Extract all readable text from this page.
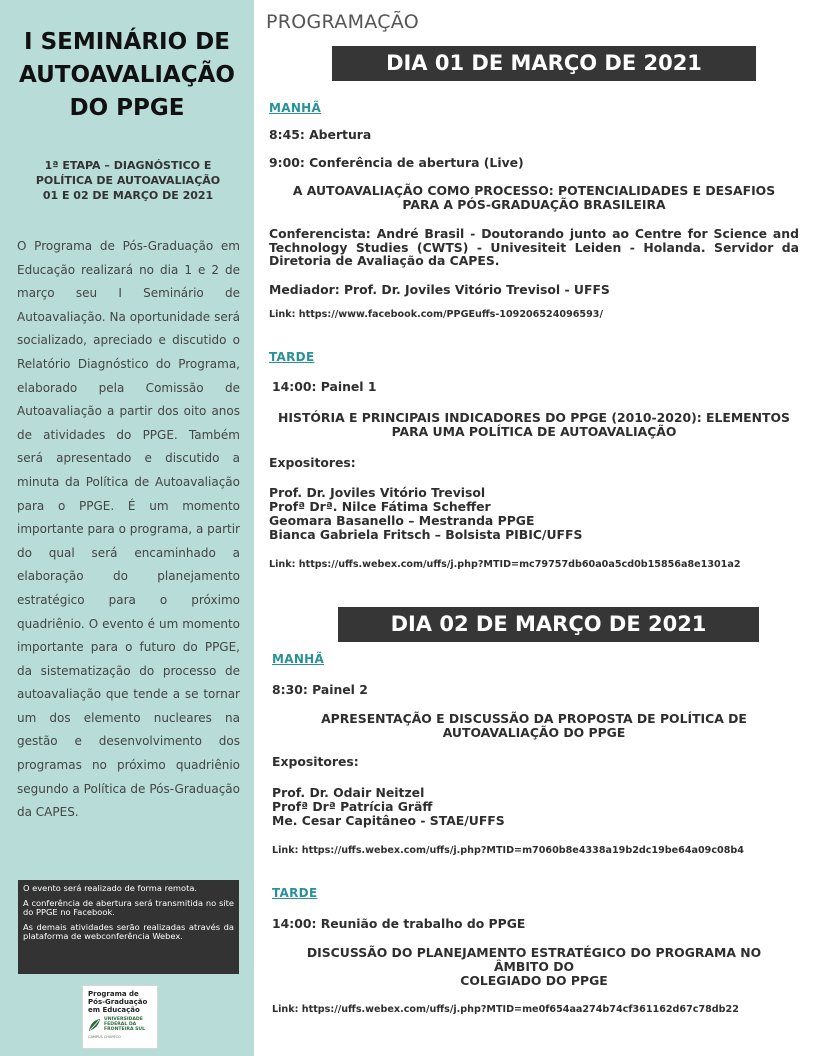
I SEMINÁRIO DE
AUTOAVALIAÇÃO
DO PPGE
1ª ETAPA – DIAGNÓSTICO E
POLÍTICA DE AUTOAVALIAÇÃO
01 E 02 DE MARÇO DE 2021

O Programa de Pós-Graduação em Educação realizará no dia 1 e 2 de março seu I Seminário de Autoavaliação. Na oportunidade será socializado, apreciado e discutido o Relatório Diagnóstico do Programa, elaborado pela Comissão de Autoavaliação a partir dos oito anos de atividades do PPGE. Também será apresentado e discutido a minuta da Política de Autoavaliação para o PPGE. É um momento importante para o programa, a partir do qual será encaminhado a elaboração do planejamento estratégico para o próximo quadriênio. O evento é um momento importante para o futuro do PPGE, da sistematização do processo de autoavaliação que tende a se tornar um dos elemento nucleares na gestão e desenvolvimento dos programas no próximo quadriênio segundo a Política de Pós-Graduação da CAPES.

O evento será realizado de forma remota.

A conferência de abertura será transmitida no site do PPGE no Facebook.

As demais atividades serão realizadas através da plataforma de webconferência Webex.

Programa de
Pós-Graduação
em Educação
UNIVERSIDADE
FEDERAL DA
FRONTEIRA SUL
CAMPUS CHAPECÓ
PROGRAMAÇÃO
DIA 01 DE MARÇO DE 2021
MANHÃ
8:45: Abertura
9:00: Conferência de abertura (Live)
A AUTOAVALIAÇÃO COMO PROCESSO: POTENCIALIDADES E DESAFIOS
PARA A PÓS-GRADUAÇÃO BRASILEIRA
Conferencista: André Brasil - Doutorando junto ao Centre for Science and Technology Studies (CWTS) - Univesiteit Leiden - Holanda. Servidor da Diretoria de Avaliação da CAPES.
Mediador: Prof. Dr. Joviles Vitório Trevisol - UFFS
Link: https://www.facebook.com/PPGEuffs-109206524096593/
TARDE
14:00: Painel 1
HISTÓRIA E PRINCIPAIS INDICADORES DO PPGE (2010-2020): ELEMENTOS
PARA UMA POLÍTICA DE AUTOAVALIAÇÃO
Expositores:
Prof. Dr. Joviles Vitório Trevisol
Profª Drª. Nilce Fátima Scheffer
Geomara Basanello – Mestranda PPGE
Bianca Gabriela Fritsch – Bolsista PIBIC/UFFS
Link: https://uffs.webex.com/uffs/j.php?MTID=mc79757db60a0a5cd0b15856a8e1301a2
DIA 02 DE MARÇO DE 2021
MANHÃ
8:30: Painel 2
APRESENTAÇÃO E DISCUSSÃO DA PROPOSTA DE POLÍTICA DE
AUTOAVALIAÇÃO DO PPGE
Expositores:
Prof. Dr. Odair Neitzel
Profª Drª Patrícia Gräff
Me. Cesar Capitâneo - STAE/UFFS
Link: https://uffs.webex.com/uffs/j.php?MTID=m7060b8e4338a19b2dc19be64a09c08b4
TARDE
14:00: Reunião de trabalho do PPGE
DISCUSSÃO DO PLANEJAMENTO ESTRATÉGICO DO PROGRAMA NO
ÂMBITO DO
COLEGIADO DO PPGE
Link: https://uffs.webex.com/uffs/j.php?MTID=me0f654aa274b74cf361162d67c78db22
